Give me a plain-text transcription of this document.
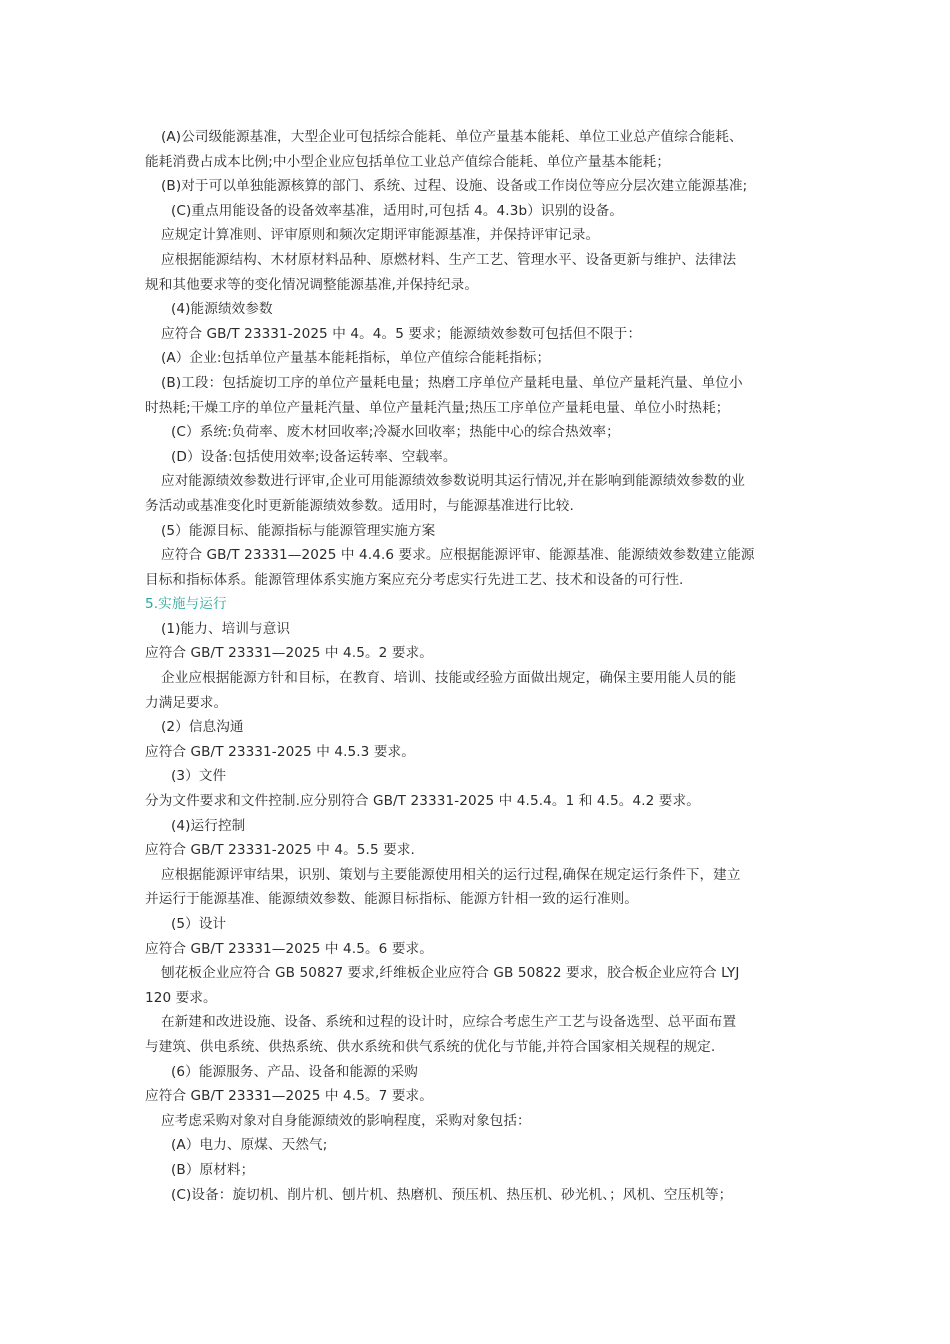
(A)公司级能源基准，大型企业可包括综合能耗、单位产量基本能耗、单位工业总产值综合能耗、
能耗消费占成本比例;中小型企业应包括单位工业总产值综合能耗、单位产量基本能耗；
(B)对于可以单独能源核算的部门、系统、过程、设施、设备或工作岗位等应分层次建立能源基准;
(C)重点用能设备的设备效率基准，适用时,可包括 4。4.3b）识别的设备。
应规定计算准则、评审原则和频次定期评审能源基准，并保持评审记录。
应根据能源结构、木材原材料品种、原燃材料、生产工艺、管理水平、设备更新与维护、法律法
规和其他要求等的变化情况调整能源基准,并保持纪录。
(4)能源绩效参数
应符合 GB/T 23331-2025 中 4。4。5 要求；能源绩效参数可包括但不限于：
(A）企业:包括单位产量基本能耗指标，单位产值综合能耗指标；
(B)工段：包括旋切工序的单位产量耗电量；热磨工序单位产量耗电量、单位产量耗汽量、单位小
时热耗;干燥工序的单位产量耗汽量、单位产量耗汽量;热压工序单位产量耗电量、单位小时热耗；
(C）系统:负荷率、废木材回收率;冷凝水回收率；热能中心的综合热效率；
(D）设备:包括使用效率;设备运转率、空载率。
应对能源绩效参数进行评审,企业可用能源绩效参数说明其运行情况,并在影响到能源绩效参数的业
务活动或基准变化时更新能源绩效参数。适用时，与能源基准进行比较.
(5）能源目标、能源指标与能源管理实施方案
应符合 GB/T 23331—2025 中 4.4.6 要求。应根据能源评审、能源基准、能源绩效参数建立能源
目标和指标体系。能源管理体系实施方案应充分考虑实行先进工艺、技术和设备的可行性.
5.实施与运行
(1)能力、培训与意识
应符合 GB/T 23331—2025 中 4.5。2 要求。
企业应根据能源方针和目标，在教育、培训、技能或经验方面做出规定，确保主要用能人员的能
力满足要求。
(2）信息沟通
应符合 GB/T 23331-2025 中 4.5.3 要求。
(3）文件
分为文件要求和文件控制.应分别符合 GB/T 23331-2025 中 4.5.4。1 和 4.5。4.2 要求。
(4)运行控制
应符合 GB/T 23331-2025 中 4。5.5 要求.
应根据能源评审结果，识别、策划与主要能源使用相关的运行过程,确保在规定运行条件下，建立
并运行于能源基准、能源绩效参数、能源目标指标、能源方针相一致的运行准则。
(5）设计
应符合 GB/T 23331—2025 中 4.5。6 要求。
刨花板企业应符合 GB 50827 要求,纤维板企业应符合 GB 50822 要求，胶合板企业应符合 LYJ
120 要求。
在新建和改进设施、设备、系统和过程的设计时，应综合考虑生产工艺与设备选型、总平面布置
与建筑、供电系统、供热系统、供水系统和供气系统的优化与节能,并符合国家相关规程的规定.
(6）能源服务、产品、设备和能源的采购
应符合 GB/T 23331—2025 中 4.5。7 要求。
应考虑采购对象对自身能源绩效的影响程度，采购对象包括：
(A）电力、原煤、天然气;
(B）原材料；
(C)设备：旋切机、削片机、刨片机、热磨机、预压机、热压机、砂光机、；风机、空压机等；
